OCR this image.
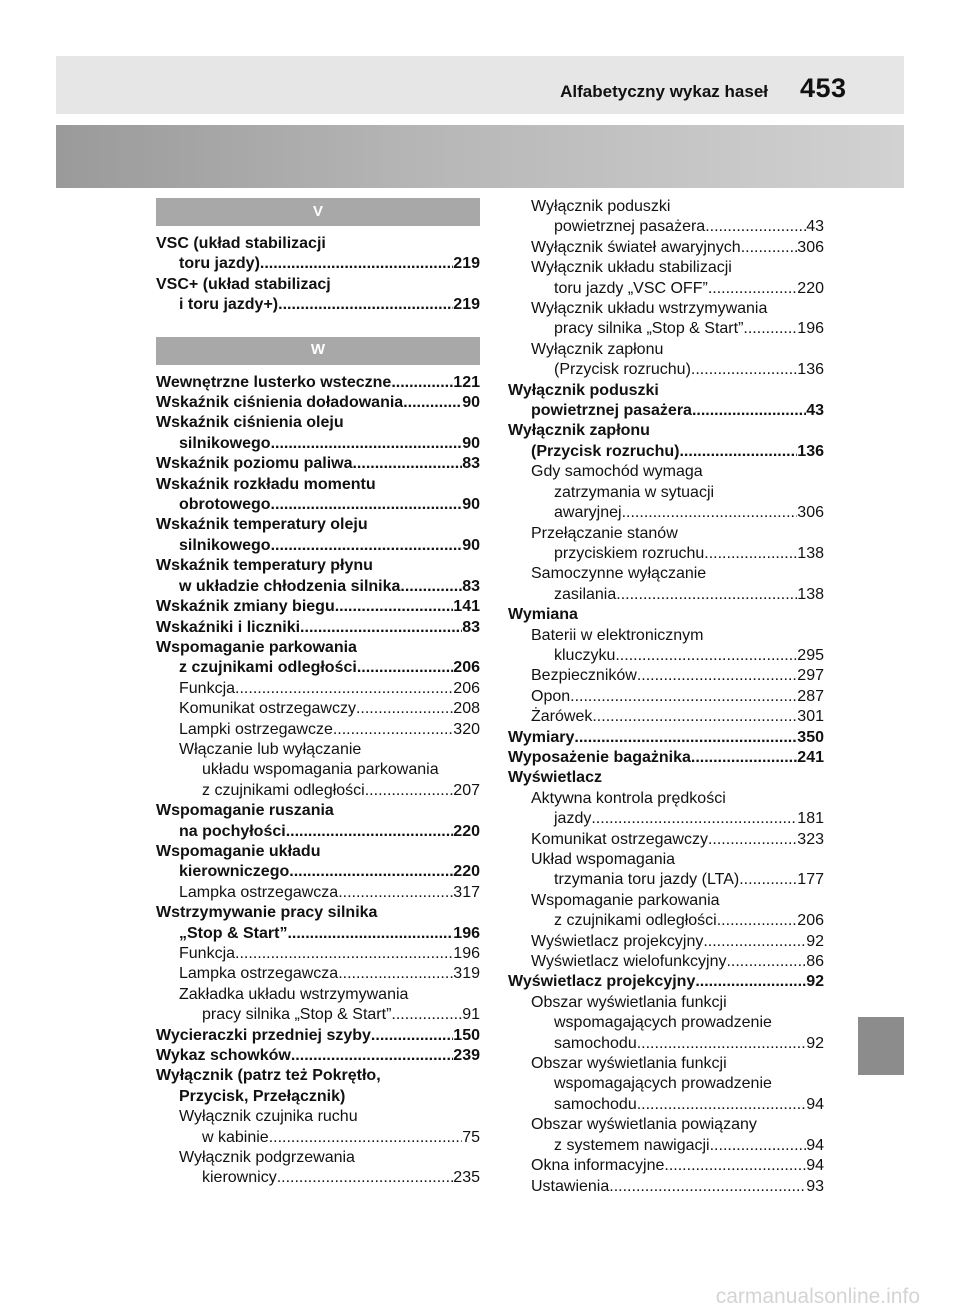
Alfabetyczny wykaz haseł 453
V
VSC (układ stabilizacji
toru jazdy) .....	219
VSC+ (układ stabilizacj
i toru jazdy+) .....	219
W
Wewnętrzne lusterko wsteczne .....	121
Wskaźnik ciśnienia doładowania .....	90
Wskaźnik ciśnienia oleju
silnikowego .....	90
Wskaźnik poziomu paliwa .....	83
Wskaźnik rozkładu momentu
obrotowego .....	90
Wskaźnik temperatury oleju
silnikowego .....	90
Wskaźnik temperatury płynu
w układzie chłodzenia silnika .....	83
Wskaźnik zmiany biegu .....	141
Wskaźniki i liczniki .....	83
Wspomaganie parkowania
z czujnikami odległości .....	206
Funkcja .....	206
Komunikat ostrzegawczy .....	208
Lampki ostrzegawcze .....	320
Włączanie lub wyłączanie
układu wspomagania parkowania
z czujnikami odległości .....	207
Wspomaganie ruszania
na pochyłości .....	220
Wspomaganie układu
kierowniczego .....	220
Lampka ostrzegawcza .....	317
Wstrzymywanie pracy silnika
„Stop & Start” .....	196
Funkcja .....	196
Lampka ostrzegawcza .....	319
Zakładka układu wstrzymywania
pracy silnika „Stop & Start” .....	91
Wycieraczki przedniej szyby .....	150
Wykaz schowków .....	239
Wyłącznik (patrz też Pokrętło,
Przycisk, Przełącznik)
Wyłącznik czujnika ruchu
w kabinie .....	75
Wyłącznik podgrzewania
kierownicy .....	235
Wyłącznik poduszki
powietrznej pasażera .....	43
Wyłącznik świateł awaryjnych .....	306
Wyłącznik układu stabilizacji
toru jazdy „VSC OFF” .....	220
Wyłącznik układu wstrzymywania
pracy silnika „Stop & Start” .....	196
Wyłącznik zapłonu
(Przycisk rozruchu) .....	136
Wyłącznik poduszki
powietrznej pasażera .....	43
Wyłącznik zapłonu
(Przycisk rozruchu) .....	136
Gdy samochód wymaga
zatrzymania w sytuacji
awaryjnej .....	306
Przełączanie stanów
przyciskiem rozruchu .....	138
Samoczynne wyłączanie
zasilania .....	138
Wymiana
Baterii w elektronicznym
kluczyku .....	295
Bezpieczników .....	297
Opon .....	287
Żarówek .....	301
Wymiary .....	350
Wyposażenie bagażnika .....	241
Wyświetlacz
Aktywna kontrola prędkości
jazdy .....	181
Komunikat ostrzegawczy .....	323
Układ wspomagania
trzymania toru jazdy (LTA) .....	177
Wspomaganie parkowania
z czujnikami odległości .....	206
Wyświetlacz projekcyjny .....	92
Wyświetlacz wielofunkcyjny .....	86
Wyświetlacz projekcyjny .....	92
Obszar wyświetlania funkcji
wspomagających prowadzenie
samochodu .....	92
Obszar wyświetlania funkcji
wspomagających prowadzenie
samochodu .....	94
Obszar wyświetlania powiązany
z systemem nawigacji .....	94
Okna informacyjne .....	94
Ustawienia .....	93
carmanualsonline.info
